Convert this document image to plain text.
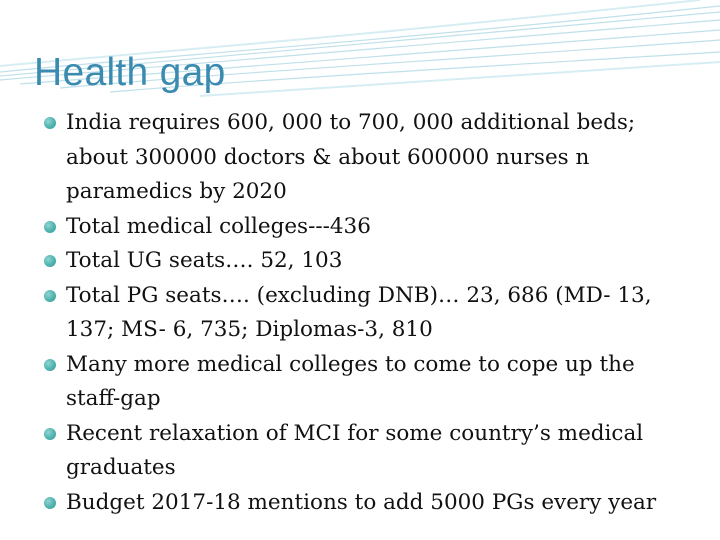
Health gap
India requires 600, 000 to 700, 000 additional beds; about 300000 doctors & about 600000 nurses n paramedics by 2020
Total medical colleges---436
Total UG seats…. 52, 103
Total PG seats…. (excluding DNB)… 23, 686 (MD- 13, 137; MS- 6, 735; Diplomas-3, 810
Many more medical colleges to come to cope up the staff-gap
Recent relaxation of MCI for some country’s medical graduates
Budget 2017-18 mentions to add 5000 PGs every year
